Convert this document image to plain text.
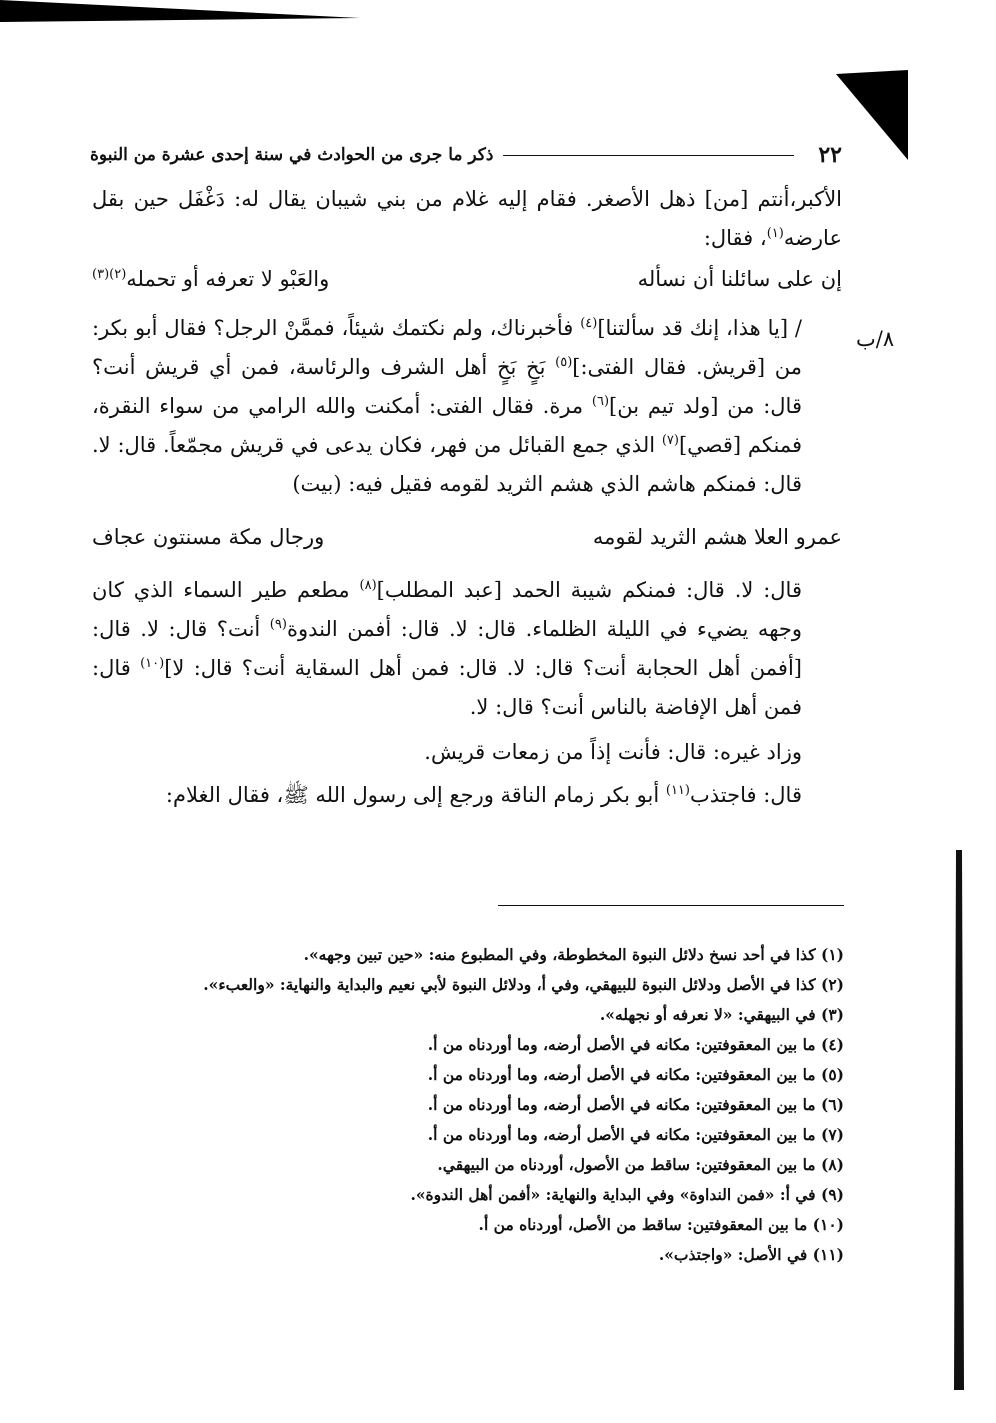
٢٢
ذكر ما جرى من الحوادث في سنة إحدى عشرة من النبوة
٨/ب

الأكبر،أنتم [من] ذهل الأصغر. فقام إليه غلام من بني شيبان يقال له: دَغْفَل حين بقل عارضه$^{(١)}$، فقال:

إن على سائلنا أن نسأله
والعَبْو لا تعرفه أو تحمله$^{(٢)(٣)}$

/ [يا هذا، إنك قد سألتنا]$^{(٤)}$ فأخبرناك، ولم نكتمك شيئاً، فممَّنْ الرجل؟ فقال أبو بكر: من [قريش. فقال الفتى:]$^{(٥)}$ بَخٍ بَخٍ أهل الشرف والرئاسة، فمن أي قريش أنت؟ قال: من [ولد تيم بن]$^{(٦)}$ مرة. فقال الفتى: أمكنت والله الرامي من سواء النقرة، فمنكم [قصي]$^{(٧)}$ الذي جمع القبائل من فهر، فكان يدعى في قريش مجمّعاً. قال: لا. قال: فمنكم هاشم الذي هشم الثريد لقومه فقيل فيه: (بيت)

عمرو العلا هشم الثريد لقومه
ورجال مكة مسنتون عجاف

قال: لا. قال: فمنكم شيبة الحمد [عبد المطلب]$^{(٨)}$ مطعم طير السماء الذي كان وجهه يضيء في الليلة الظلماء. قال: لا. قال: أفمن الندوة$^{(٩)}$ أنت؟ قال: لا. قال: [أفمن أهل الحجابة أنت؟ قال: لا. قال: فمن أهل السقاية أنت؟ قال: لا]$^{(١٠)}$ قال: فمن أهل الإفاضة بالناس أنت؟ قال: لا.

وزاد غيره: قال: فأنت إذاً من زمعات قريش.

قال: فاجتذب$^{(١١)}$ أبو بكر زمام الناقة ورجع إلى رسول الله ﷺ، فقال الغلام:

(١) كذا في أحد نسخ دلائل النبوة المخطوطة، وفي المطبوع منه: «حين تبين وجهه».
(٢) كذا في الأصل ودلائل النبوة للبيهقي، وفي أ، ودلائل النبوة لأبي نعيم والبداية والنهاية: «والعبء».
(٣) في البيهقي: «لا نعرفه أو نجهله».
(٤) ما بين المعقوفتين: مكانه في الأصل أرضه، وما أوردناه من أ.
(٥) ما بين المعقوفتين: مكانه في الأصل أرضه، وما أوردناه من أ.
(٦) ما بين المعقوفتين: مكانه في الأصل أرضه، وما أوردناه من أ.
(٧) ما بين المعقوفتين: مكانه في الأصل أرضه، وما أوردناه من أ.
(٨) ما بين المعقوفتين: ساقط من الأصول، أوردناه من البيهقي.
(٩) في أ: «فمن النداوة» وفي البداية والنهاية: «أفمن أهل الندوة».
(١٠) ما بين المعقوفتين: ساقط من الأصل، أوردناه من أ.
(١١) في الأصل: «واجتذب».
